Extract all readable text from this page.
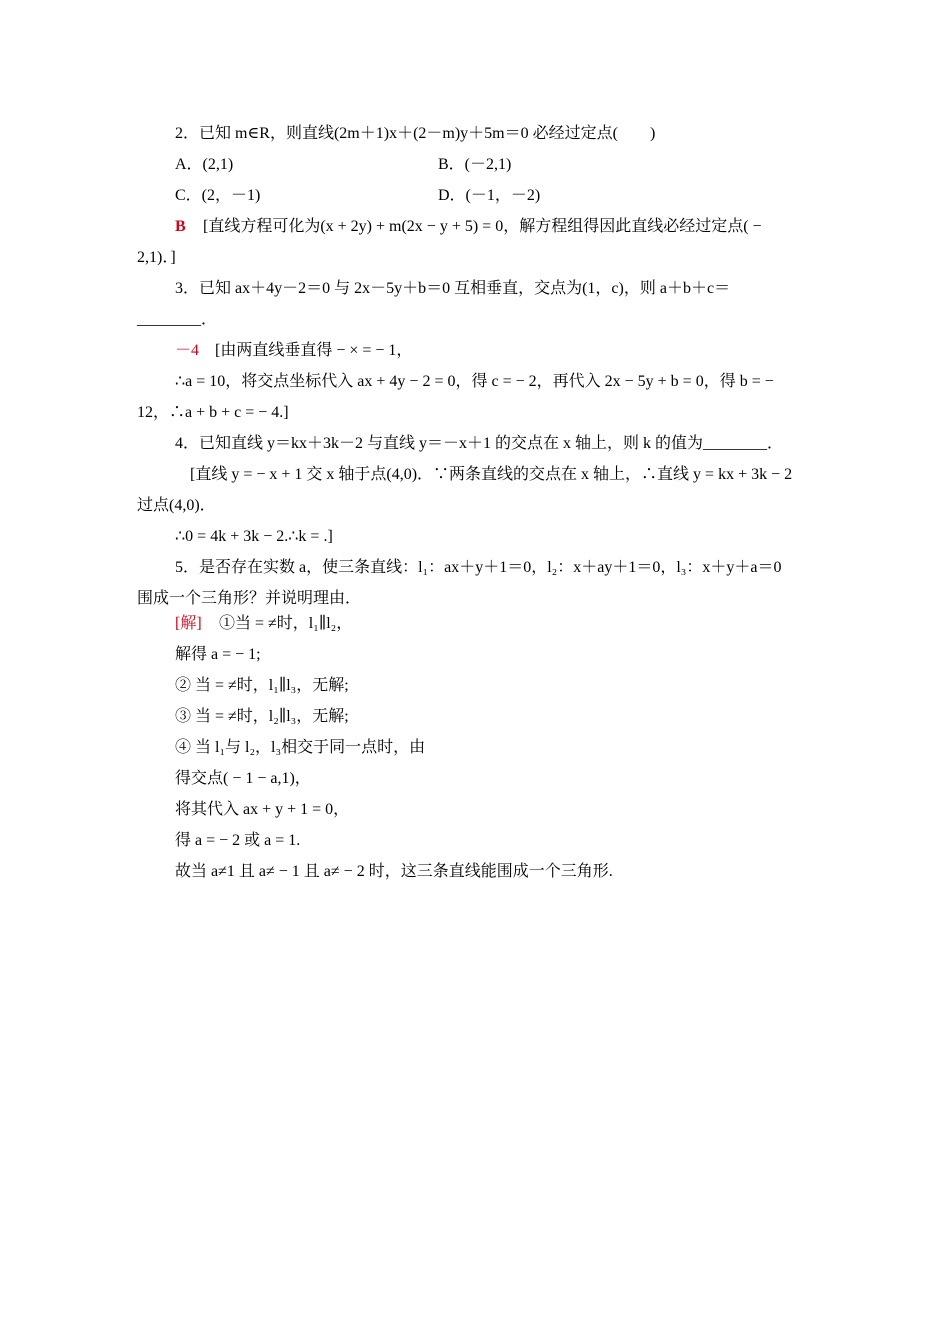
2．已知 m∈R，则直线(2m＋1)x＋(2－m)y＋5m＝0 必经过定点(　　)
A．(2,1)	B．(－2,1)
C．(2，－1)	D．(－1，－2)
B [直线方程可化为(x + 2y) + m(2x − y + 5) = 0，解方程组得因此直线必经过定点( −
2,1)．]
3．已知 ax＋4y－2＝0 与 2x－5y＋b＝0 互相垂直，交点为(1，c)，则 a＋b＋c＝
________．
－4 [由两直线垂直得 − × = − 1，
∴a = 10，将交点坐标代入 ax + 4y − 2 = 0，得 c = − 2，再代入 2x − 5y + b = 0，得 b = −
12，∴a + b + c = − 4.]
4．已知直线 y＝kx＋3k－2 与直线 y＝－x＋1 的交点在 x 轴上，则 k 的值为________．
[直线 y = − x + 1 交 x 轴于点(4,0)．∵两条直线的交点在 x 轴上，∴直线 y = kx + 3k − 2
过点(4,0)．
∴0 = 4k + 3k − 2.∴k = .]
5．是否存在实数 a，使三条直线：l₁：ax＋y＋1＝0，l₂：x＋ay＋1＝0，l₃：x＋y＋a＝0
围成一个三角形？并说明理由．
[解] ①当 = ≠时，l₁∥l₂，
解得 a = − 1;
② 当 = ≠时，l₁∥l₃，无解;
③ 当 = ≠时，l₂∥l₃，无解;
④ 当 l₁与 l₂，l₃相交于同一点时，由
得交点( − 1 − a,1)，
将其代入 ax + y + 1 = 0，
得 a = − 2 或 a = 1.
故当 a≠1 且 a≠ − 1 且 a≠ − 2 时，这三条直线能围成一个三角形.
